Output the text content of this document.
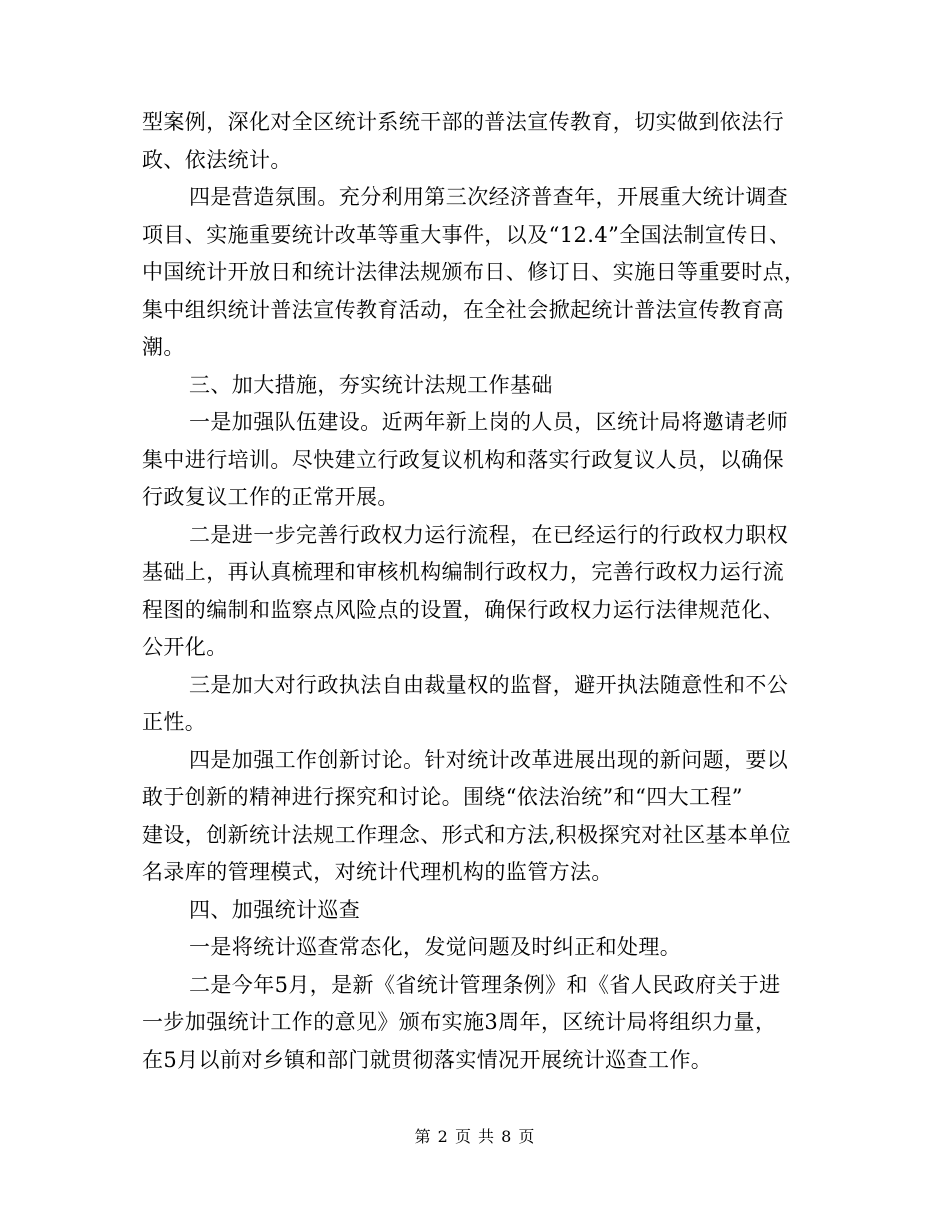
型案例，深化对全区统计系统干部的普法宣传教育，切实做到依法行
政、依法统计。
四是营造氛围。充分利用第三次经济普查年，开展重大统计调查
项目、实施重要统计改革等重大事件，以及“12.4”全国法制宣传日、
中国统计开放日和统计法律法规颁布日、修订日、实施日等重要时点，
集中组织统计普法宣传教育活动，在全社会掀起统计普法宣传教育高
潮。
三、加大措施，夯实统计法规工作基础
一是加强队伍建设。近两年新上岗的人员，区统计局将邀请老师
集中进行培训。尽快建立行政复议机构和落实行政复议人员，以确保
行政复议工作的正常开展。
二是进一步完善行政权力运行流程，在已经运行的行政权力职权
基础上，再认真梳理和审核机构编制行政权力，完善行政权力运行流
程图的编制和监察点风险点的设置，确保行政权力运行法律规范化、
公开化。
三是加大对行政执法自由裁量权的监督，避开执法随意性和不公
正性。
四是加强工作创新讨论。针对统计改革进展出现的新问题，要以
敢于创新的精神进行探究和讨论。围绕“依法治统”和“四大工程”
建设，创新统计法规工作理念、形式和方法,积极探究对社区基本单位
名录库的管理模式，对统计代理机构的监管方法。
四、加强统计巡查
一是将统计巡查常态化，发觉问题及时纠正和处理。
二是今年5月，是新《省统计管理条例》和《省人民政府关于进
一步加强统计工作的意见》颁布实施3周年，区统计局将组织力量，
在5月以前对乡镇和部门就贯彻落实情况开展统计巡查工作。
第 2 页 共 8 页
